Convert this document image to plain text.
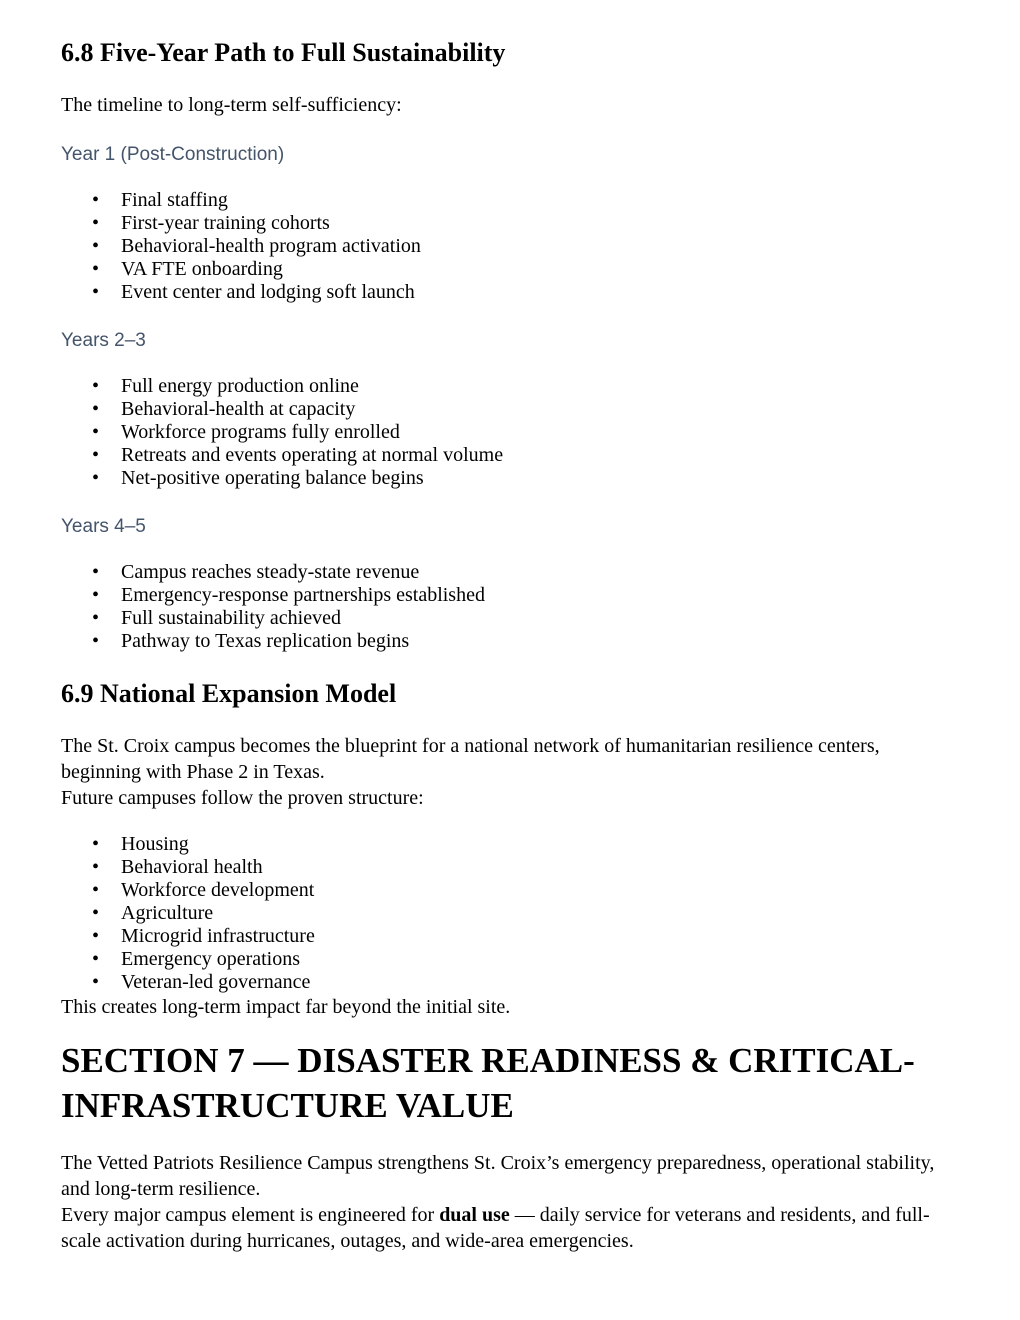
6.8 Five-Year Path to Full Sustainability

The timeline to long-term self-sufficiency:

Year 1 (Post-Construction)
• Final staffing
• First-year training cohorts
• Behavioral-health program activation
• VA FTE onboarding
• Event center and lodging soft launch
Years 2–3
• Full energy production online
• Behavioral-health at capacity
• Workforce programs fully enrolled
• Retreats and events operating at normal volume
• Net-positive operating balance begins
Years 4–5
• Campus reaches steady-state revenue
• Emergency-response partnerships established
• Full sustainability achieved
• Pathway to Texas replication begins
6.9 National Expansion Model

The St. Croix campus becomes the blueprint for a national network of humanitarian resilience centers, beginning with Phase 2 in Texas.

Future campuses follow the proven structure:

• Housing
• Behavioral health
• Workforce development
• Agriculture
• Microgrid infrastructure
• Emergency operations
• Veteran-led governance

This creates long-term impact far beyond the initial site.

SECTION 7 — DISASTER READINESS & CRITICAL-INFRASTRUCTURE VALUE

The Vetted Patriots Resilience Campus strengthens St. Croix’s emergency preparedness, operational stability, and long-term resilience.

Every major campus element is engineered for dual use — daily service for veterans and residents, and full-scale activation during hurricanes, outages, and wide-area emergencies.
